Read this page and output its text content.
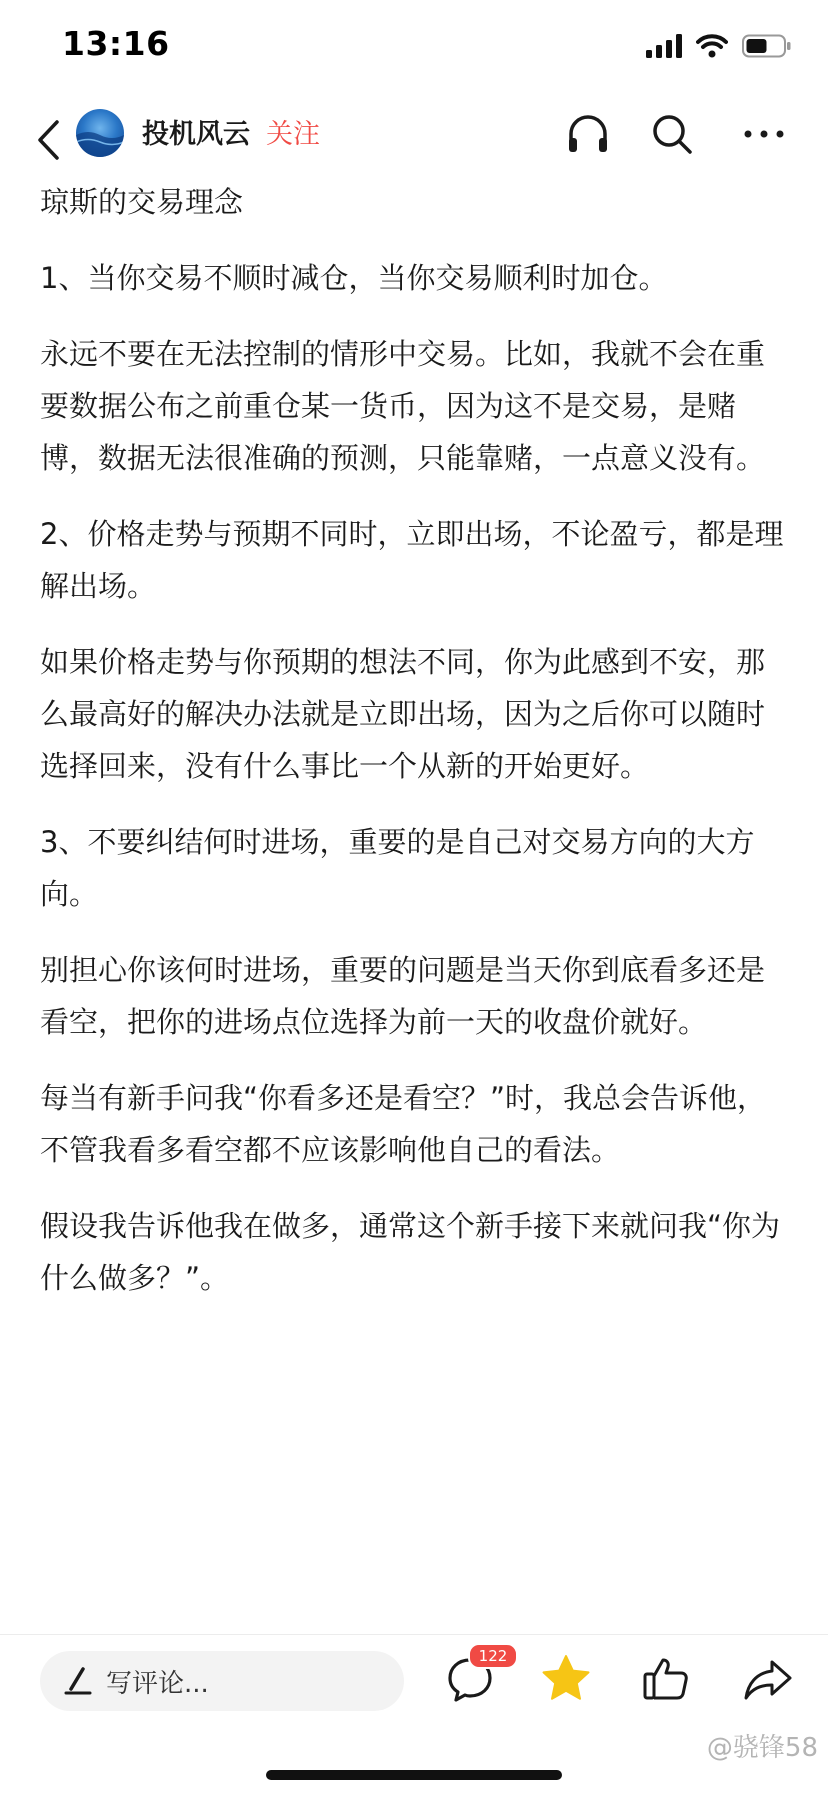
13:16
投机风云 关注
琼斯的交易理念

1、当你交易不顺时减仓，当你交易顺利时加仓。

永远不要在无法控制的情形中交易。比如，我就不会在重要数据公布之前重仓某一货币，因为这不是交易，是赌博，数据无法很准确的预测，只能靠赌，一点意义没有。

2、价格走势与预期不同时，立即出场，不论盈亏，都是理解出场。

如果价格走势与你预期的想法不同，你为此感到不安，那么最高好的解决办法就是立即出场，因为之后你可以随时选择回来，没有什么事比一个从新的开始更好。

3、不要纠结何时进场，重要的是自己对交易方向的大方向。

别担心你该何时进场，重要的问题是当天你到底看多还是看空，把你的进场点位选择为前一天的收盘价就好。

每当有新手问我“你看多还是看空？”时，我总会告诉他，不管我看多看空都不应该影响他自己的看法。

假设我告诉他我在做多，通常这个新手接下来就问我“你为什么做多？”。

写评论...
122
@骁锋58
